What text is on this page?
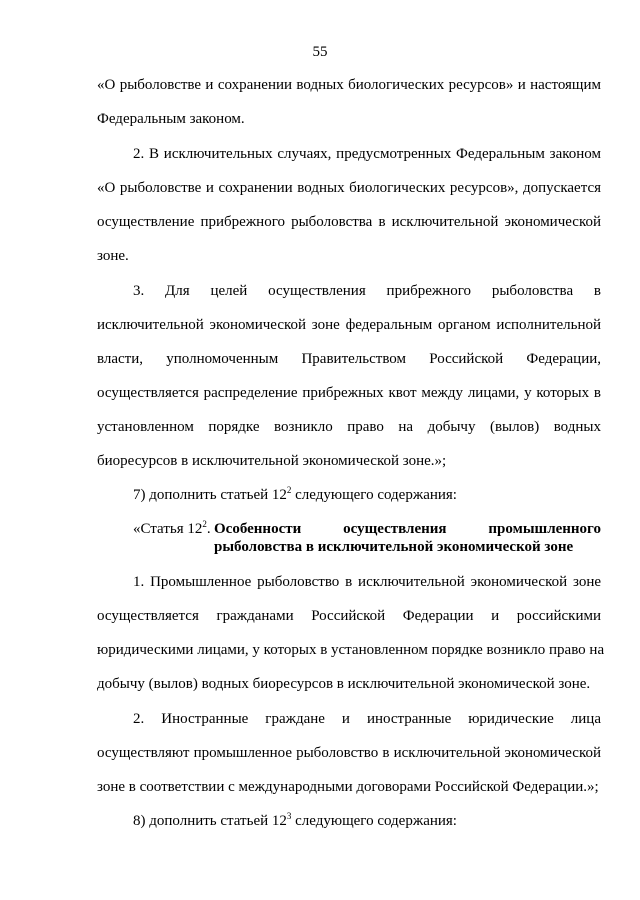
55
«О рыболовстве и сохранении водных биологических ресурсов» и настоящим
Федеральным законом.
2. В исключительных случаях, предусмотренных Федеральным законом
«О рыболовстве и сохранении водных биологических ресурсов», допускается
осуществление прибрежного рыболовства в исключительной экономической
зоне.
3. Для целей осуществления прибрежного рыболовства в
исключительной экономической зоне федеральным органом исполнительной
власти, уполномоченным Правительством Российской Федерации,
осуществляется распределение прибрежных квот между лицами, у которых в
установленном порядке возникло право на добычу (вылов) водных
биоресурсов в исключительной экономической зоне.»;
7) дополнить статьей $12^2$ следующего содержания:
«Статья $12^2$. Особенности осуществления промышленного
рыболовства в исключительной экономической зоне
1. Промышленное рыболовство в исключительной экономической зоне
осуществляется гражданами Российской Федерации и российскими
юридическими лицами, у которых в установленном порядке возникло право на
добычу (вылов) водных биоресурсов в исключительной экономической зоне.
2. Иностранные граждане и иностранные юридические лица
осуществляют промышленное рыболовство в исключительной экономической
зоне в соответствии с международными договорами Российской Федерации.»;
8) дополнить статьей $12^3$ следующего содержания:
